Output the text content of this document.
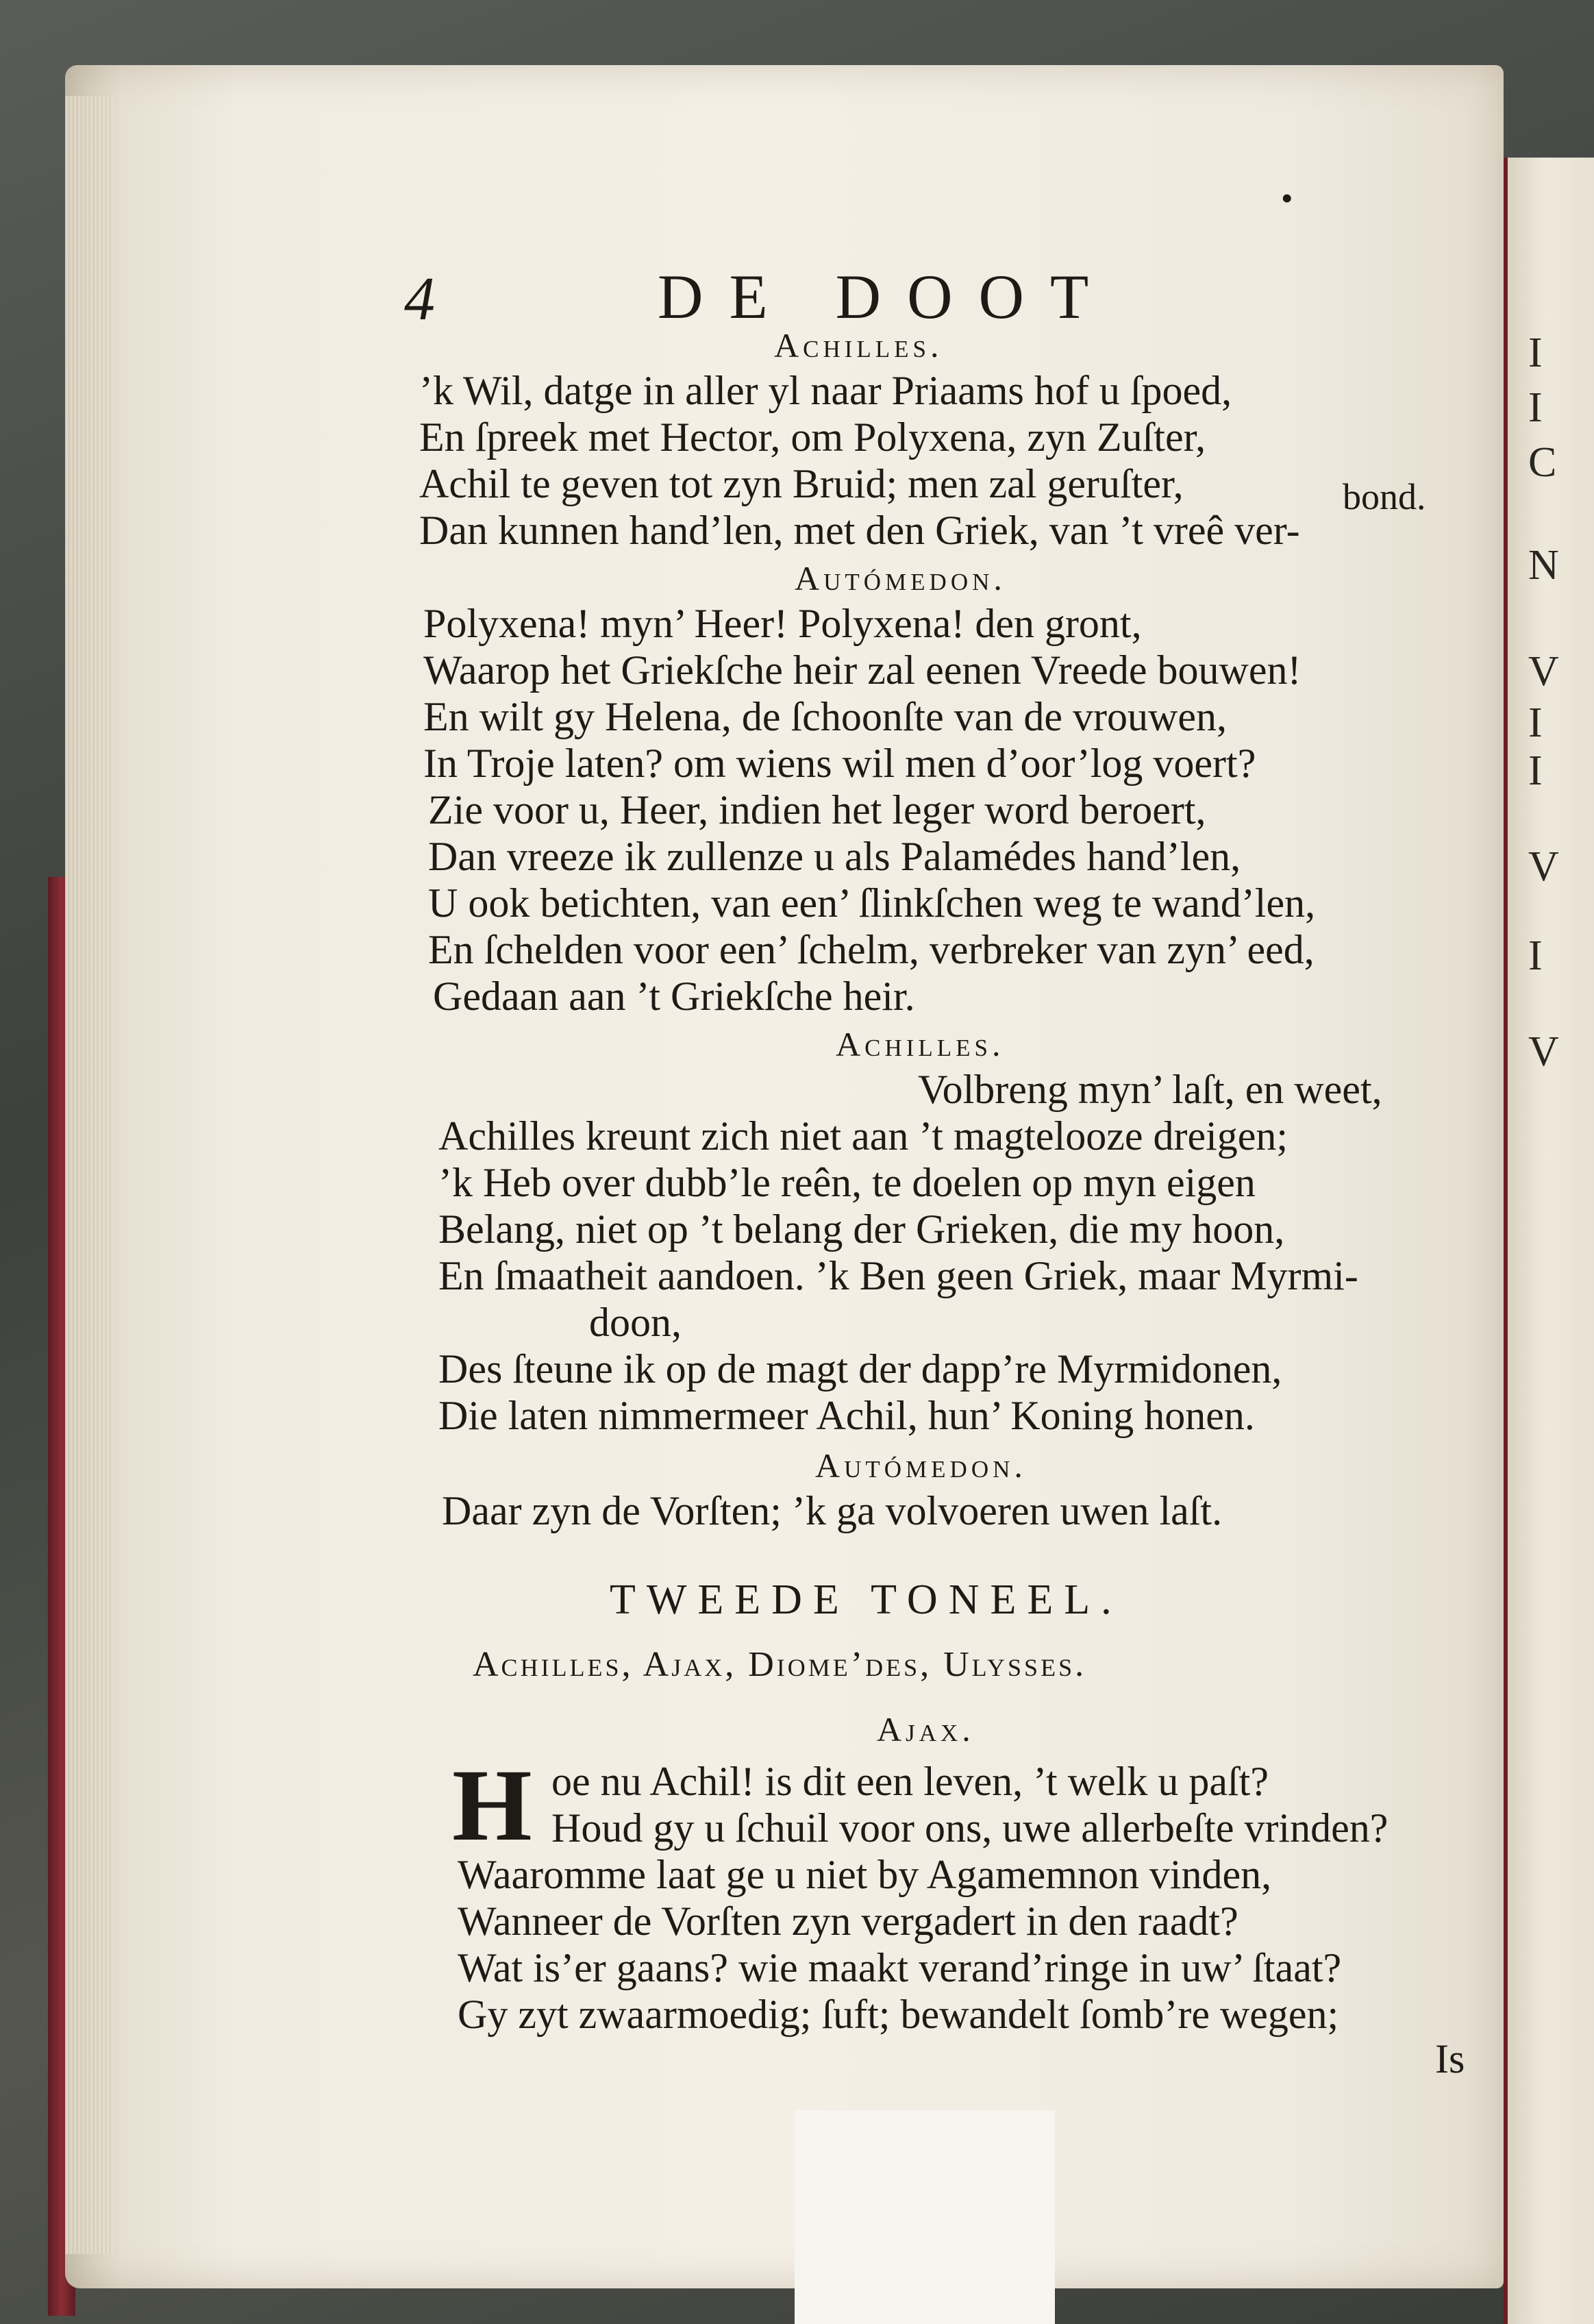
I
I
C
N
V
I
I
V
I
V
•
4	DE DOOT
Achilles.
’k Wil, datge in aller yl naar Priaams hof u ſpoed,
En ſpreek met Hector, om Polyxena, zyn Zuſter,
Achil te geven tot zyn Bruid; men zal geruſter,	bond.
Dan kunnen hand’len, met den Griek, van ’t vreê ver-
Autómedon.
Polyxena! myn’ Heer! Polyxena! den gront,
Waarop het Griekſche heir zal eenen Vreede bouwen!
En wilt gy Helena, de ſchoonſte van de vrouwen,
In Troje laten? om wiens wil men d’oor’log voert?
Zie voor u, Heer, indien het leger word beroert,
Dan vreeze ik zullenze u als Palamédes hand’len,
U ook betichten, van een’ ſlinkſchen weg te wand’len,
En ſchelden voor een’ ſchelm, verbreker van zyn’ eed,
Gedaan aan ’t Griekſche heir.
Achilles.
Volbreng myn’ laſt, en weet,
Achilles kreunt zich niet aan ’t magtelooze dreigen;
’k Heb over dubb’le reên, te doelen op myn eigen
Belang, niet op ’t belang der Grieken, die my hoon,
En ſmaatheit aandoen. ’k Ben geen Griek, maar Myrmi-
doon,
Des ſteune ik op de magt der dapp’re Myrmidonen,
Die laten nimmermeer Achil, hun’ Koning honen.
Autómedon.
Daar zyn de Vorſten; ’k ga volvoeren uwen laſt.
TWEEDE TONEEL.
Achilles, Ajax, Diome’des, Ulysses.
Ajax.
H oe nu Achil! is dit een leven, ’t welk u paſt?
Houd gy u ſchuil voor ons, uwe allerbeſte vrinden?
Waaromme laat ge u niet by Agamemnon vinden,
Wanneer de Vorſten zyn vergadert in den raadt?
Wat is’er gaans? wie maakt verand’ringe in uw’ ſtaat?
Gy zyt zwaarmoedig; ſuft; bewandelt ſomb’re wegen;
Is
